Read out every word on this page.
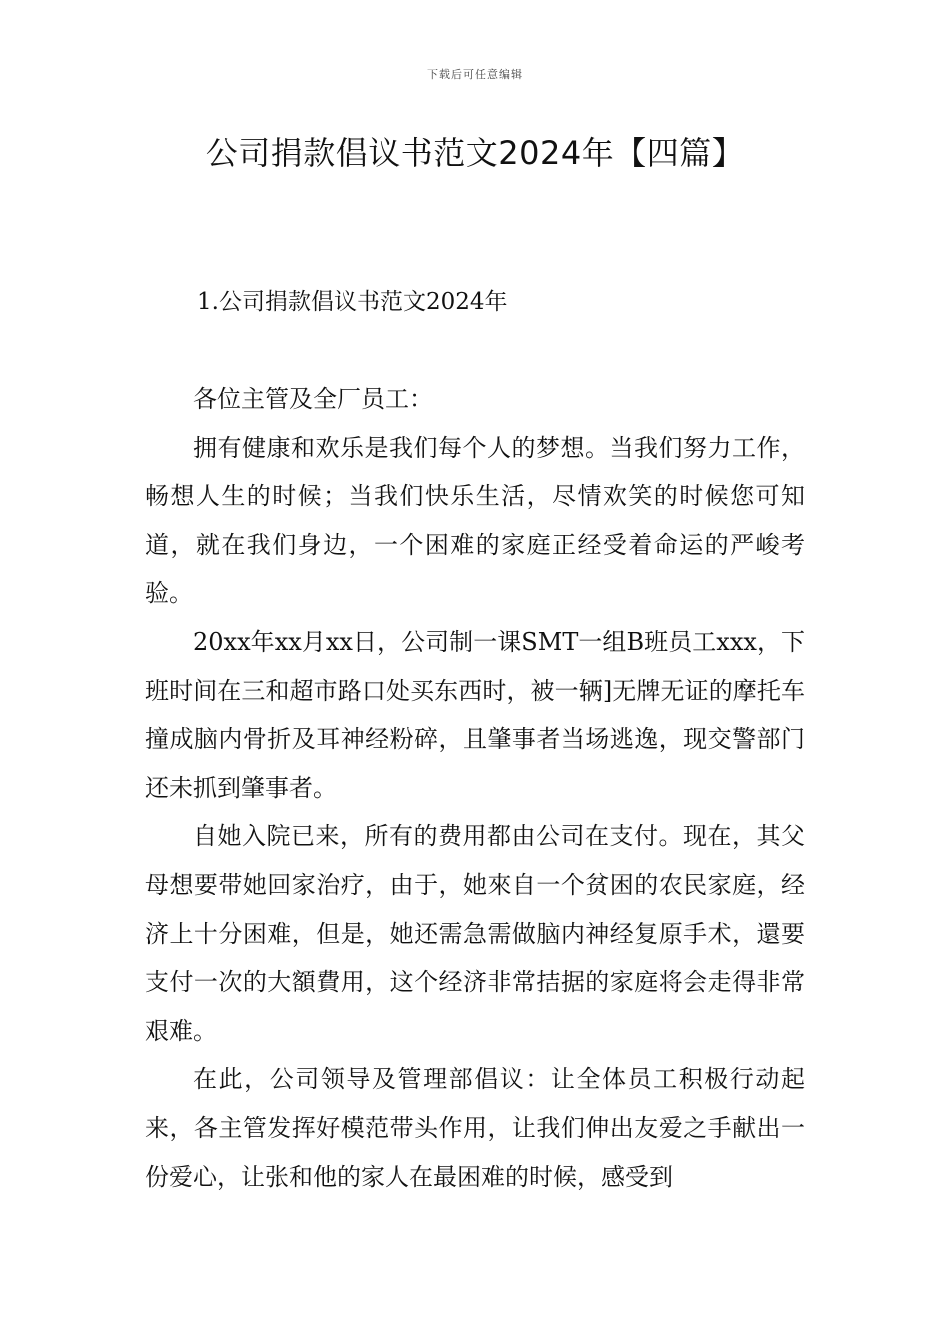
下载后可任意编辑
公司捐款倡议书范文2024年【四篇】
1.公司捐款倡议书范文2024年

各位主管及全厂员工：

拥有健康和欢乐是我们每个人的梦想。当我们努力工作，畅想人生的时候；当我们快乐生活，尽情欢笑的时候您可知道，就在我们身边，一个困难的家庭正经受着命运的严峻考验。

20xx年xx月xx日，公司制一课SMT一组B班员工xxx，下班时间在三和超市路口处买东西时，被一辆]无牌无证的摩托车撞成脑内骨折及耳神经粉碎，且肇事者当场逃逸，现交警部门还未抓到肇事者。

自她入院已来，所有的费用都由公司在支付。现在，其父母想要带她回家治疗，由于，她來自一个贫困的农民家庭，经济上十分困难，但是，她还需急需做脑内神经复原手术，還要支付一次的大額費用，这个经济非常拮据的家庭将会走得非常艰难。

在此，公司领导及管理部倡议：让全体员工积极行动起来，各主管发挥好模范带头作用，让我们伸出友爱之手献出一份爱心，让张和他的家人在最困难的时候，感受到
